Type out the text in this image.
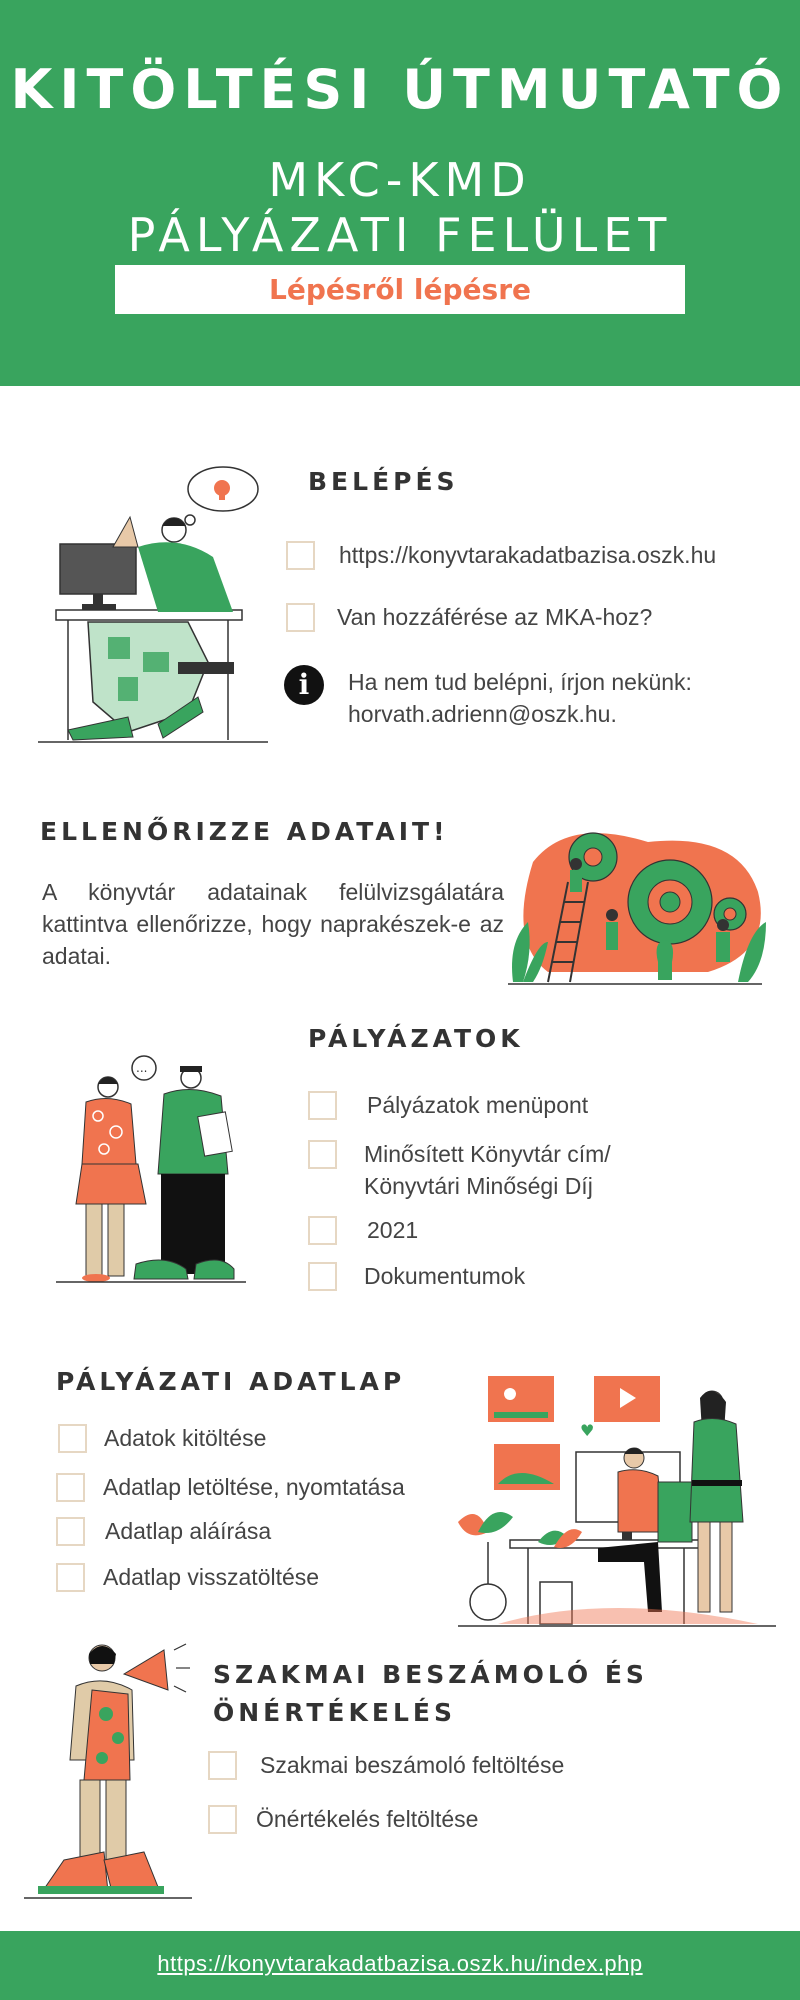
KITÖLTÉSI ÚTMUTATÓ
MKC-KMD
PÁLYÁZATI FELÜLET
Lépésről lépésre
BELÉPÉS
https://konyvtarakadatbazisa.oszk.hu
Van hozzáférése az MKA-hoz?
i	Ha nem tud belépni, írjon nekünk:
horvath.adrienn@oszk.hu.
ELLENŐRIZZE ADATAIT!
A könyvtár adatainak felülvizsgálatára kattintva ellenőrizze, hogy naprakészek-e az adatai.
...
PÁLYÁZATOK
Pályázatok menüpont
Minősített Könyvtár cím/
Könyvtári Minőségi Díj
2021
Dokumentumok
PÁLYÁZATI ADATLAP
Adatok kitöltése
Adatlap letöltése, nyomtatása
Adatlap aláírása
Adatlap visszatöltése
♥
SZAKMAI BESZÁMOLÓ ÉS
ÖNÉRTÉKELÉS
Szakmai beszámoló feltöltése
Önértékelés feltöltése
https://konyvtarakadatbazisa.oszk.hu/index.php
